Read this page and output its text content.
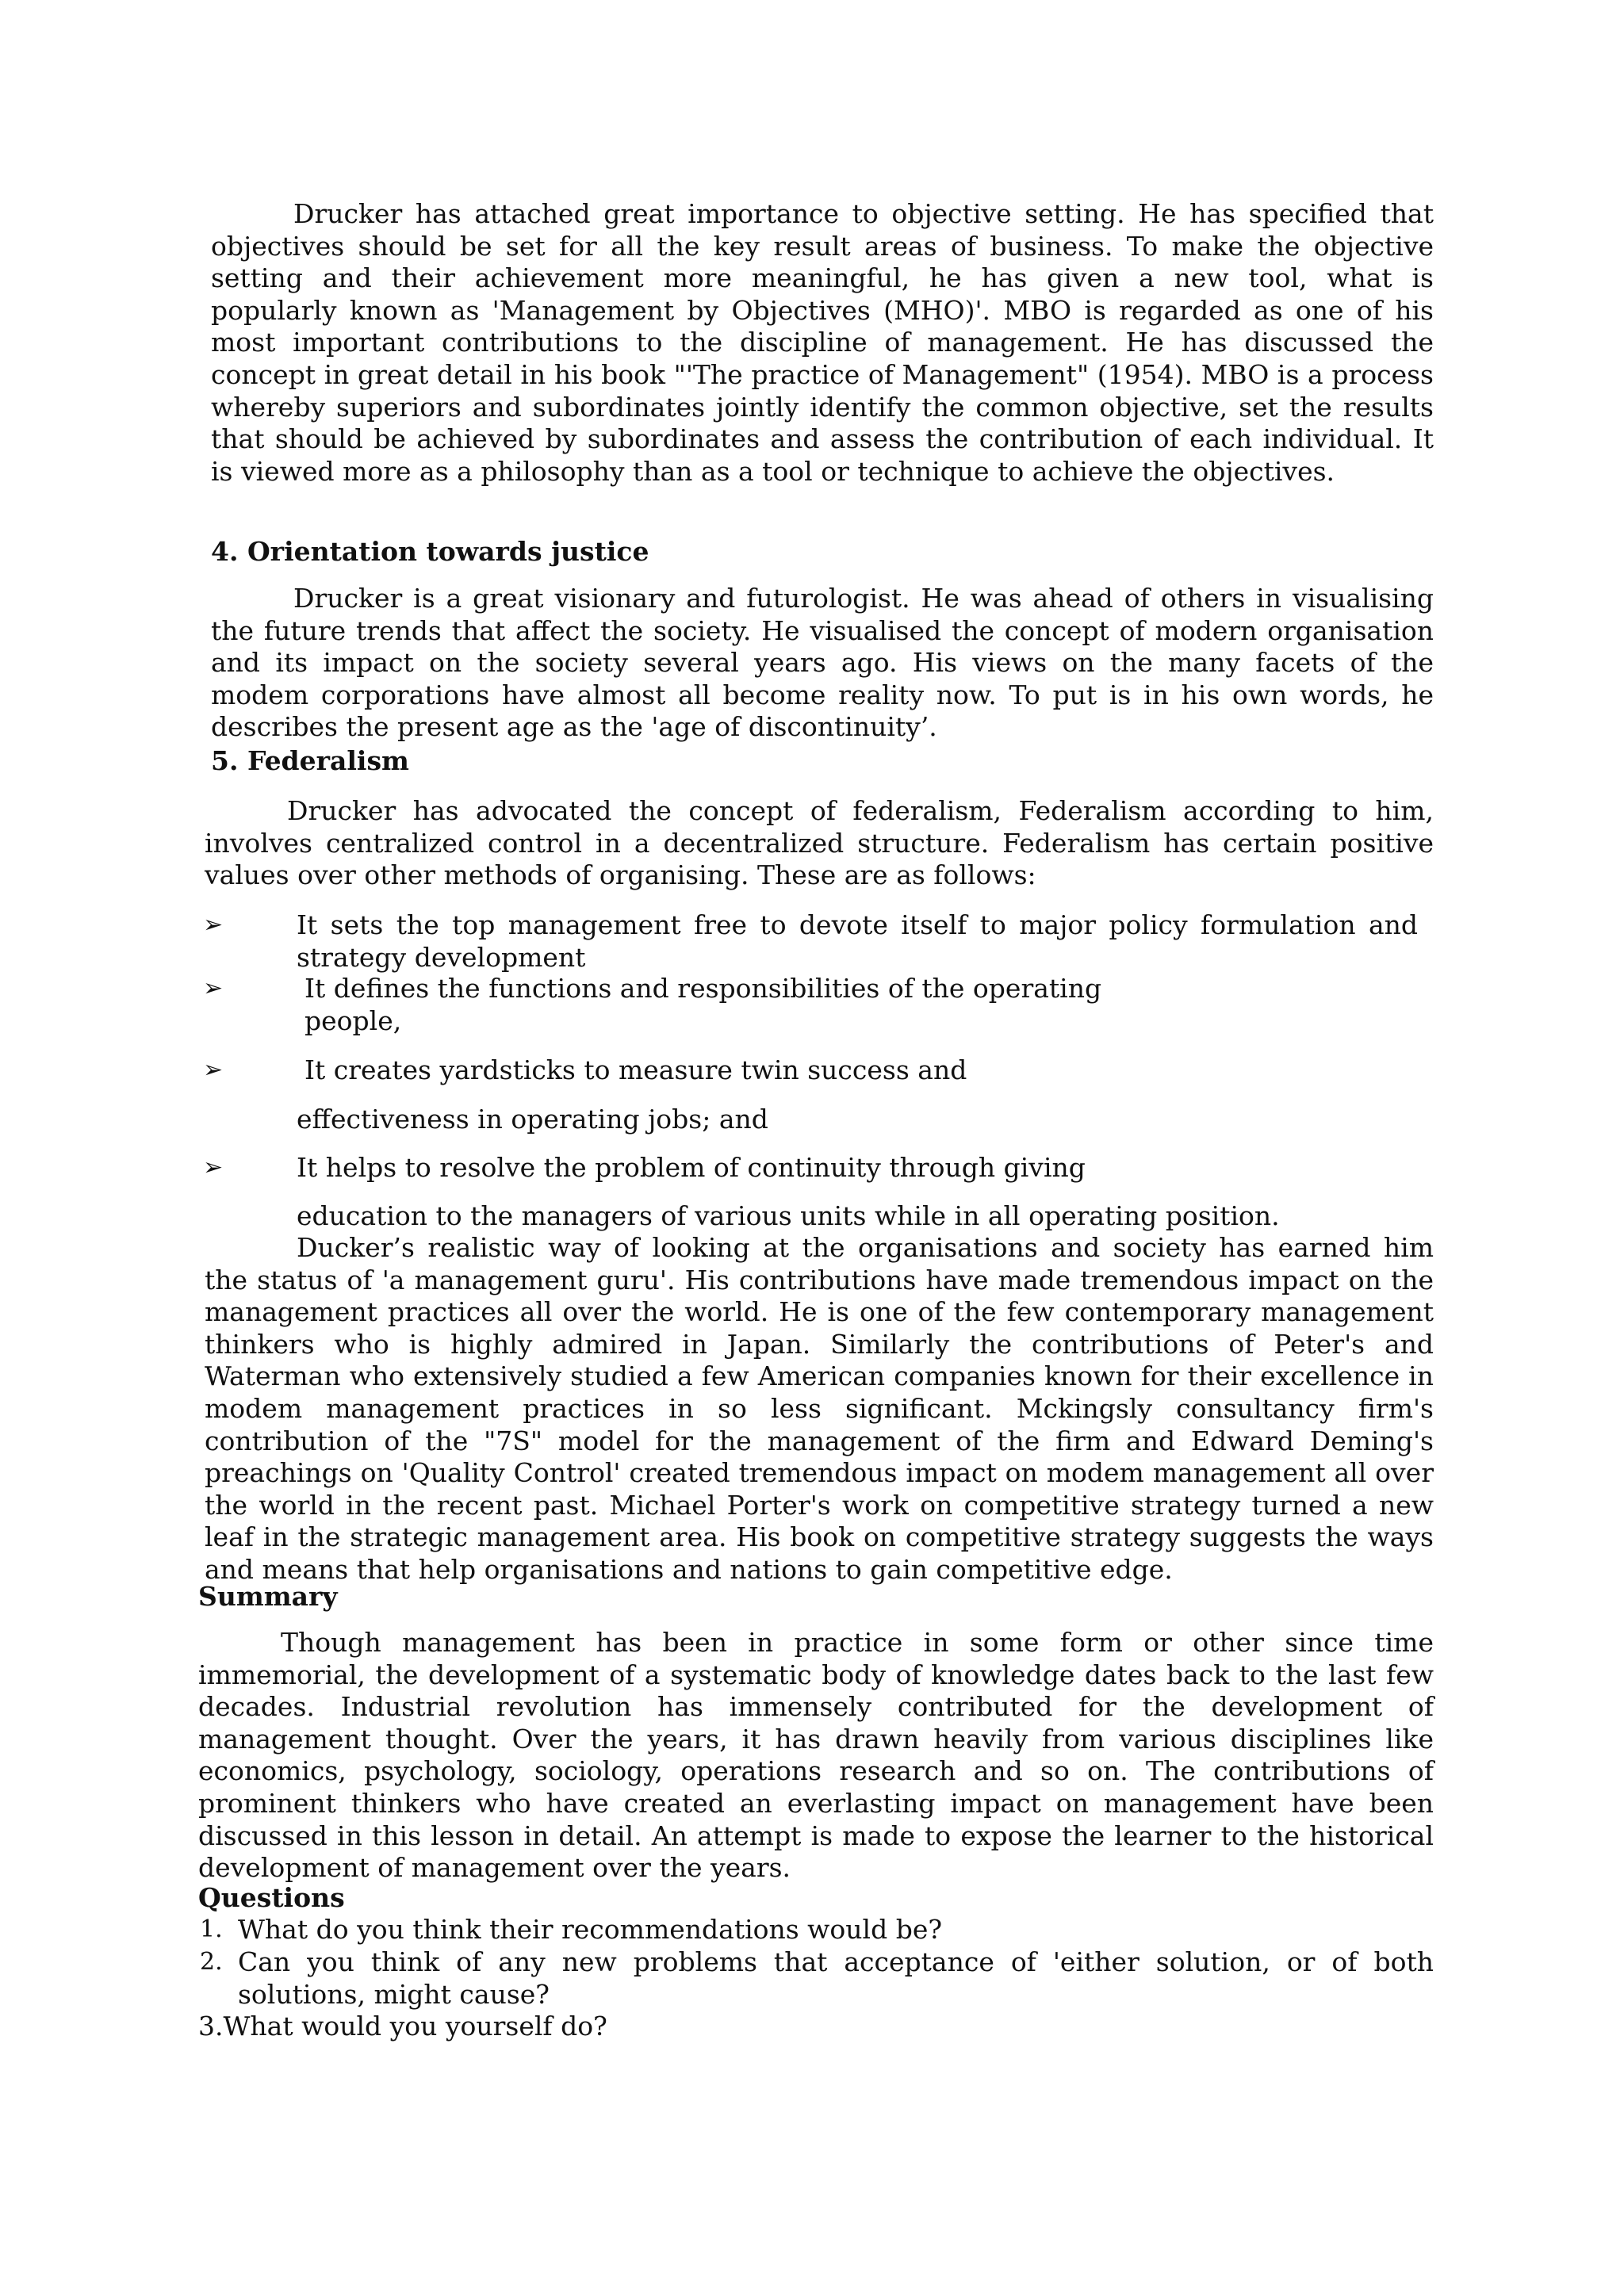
Drucker has attached great importance to objective setting. He has specified that
objectives should be set for all the key result areas of business. To make the objective
setting and their achievement more meaningful, he has given a new tool, what is
popularly known as 'Management by Objectives (MHO)'. MBO is regarded as one of his
most important contributions to the discipline of management. He has discussed the
concept in great detail in his book "'The practice of Management" (1954). MBO is a process
whereby superiors and subordinates jointly identify the common objective, set the results
that should be achieved by subordinates and assess the contribution of each individual. It
is viewed more as a philosophy than as a tool or technique to achieve the objectives.
4. Orientation towards justice
Drucker is a great visionary and futurologist. He was ahead of others in visualising
the future trends that affect the society. He visualised the concept of modern organisation
and its impact on the society several years ago. His views on the many facets of the
modem corporations have almost all become reality now. To put is in his own words, he
describes the present age as the 'age of discontinuity’.
5. Federalism
Drucker has advocated the concept of federalism, Federalism according to him,
involves centralized control in a decentralized structure. Federalism has certain positive
values over other methods of organising. These are as follows:
➢	It sets the top management free to devote itself to major policy formulation and
strategy development
➢	It defines the functions and responsibilities of the operating
people,
➢	It creates yardsticks to measure twin success and
effectiveness in operating jobs; and
➢	It helps to resolve the problem of continuity through giving
education to the managers of various units while in all operating position.
Ducker’s realistic way of looking at the organisations and society has earned him
the status of 'a management guru'. His contributions have made tremendous impact on the
management practices all over the world. He is one of the few contemporary management
thinkers who is highly admired in Japan. Similarly the contributions of Peter's and
Waterman who extensively studied a few American companies known for their excellence in
modem management practices in so less significant. Mckingsly consultancy firm's
contribution of the "7S" model for the management of the firm and Edward Deming's
preachings on 'Quality Control' created tremendous impact on modem management all over
the world in the recent past. Michael Porter's work on competitive strategy turned a new
leaf in the strategic management area. His book on competitive strategy suggests the ways
and means that help organisations and nations to gain competitive edge.
Summary
Though management has been in practice in some form or other since time
immemorial, the development of a systematic body of knowledge dates back to the last few
decades. Industrial revolution has immensely contributed for the development of
management thought. Over the years, it has drawn heavily from various disciplines like
economics, psychology, sociology, operations research and so on. The contributions of
prominent thinkers who have created an everlasting impact on management have been
discussed in this lesson in detail. An attempt is made to expose the learner to the historical
development of management over the years.
Questions
1. What do you think their recommendations would be?
2. Can you think of any new problems that acceptance of 'either solution, or of both
solutions, might cause?
3.What would you yourself do?
